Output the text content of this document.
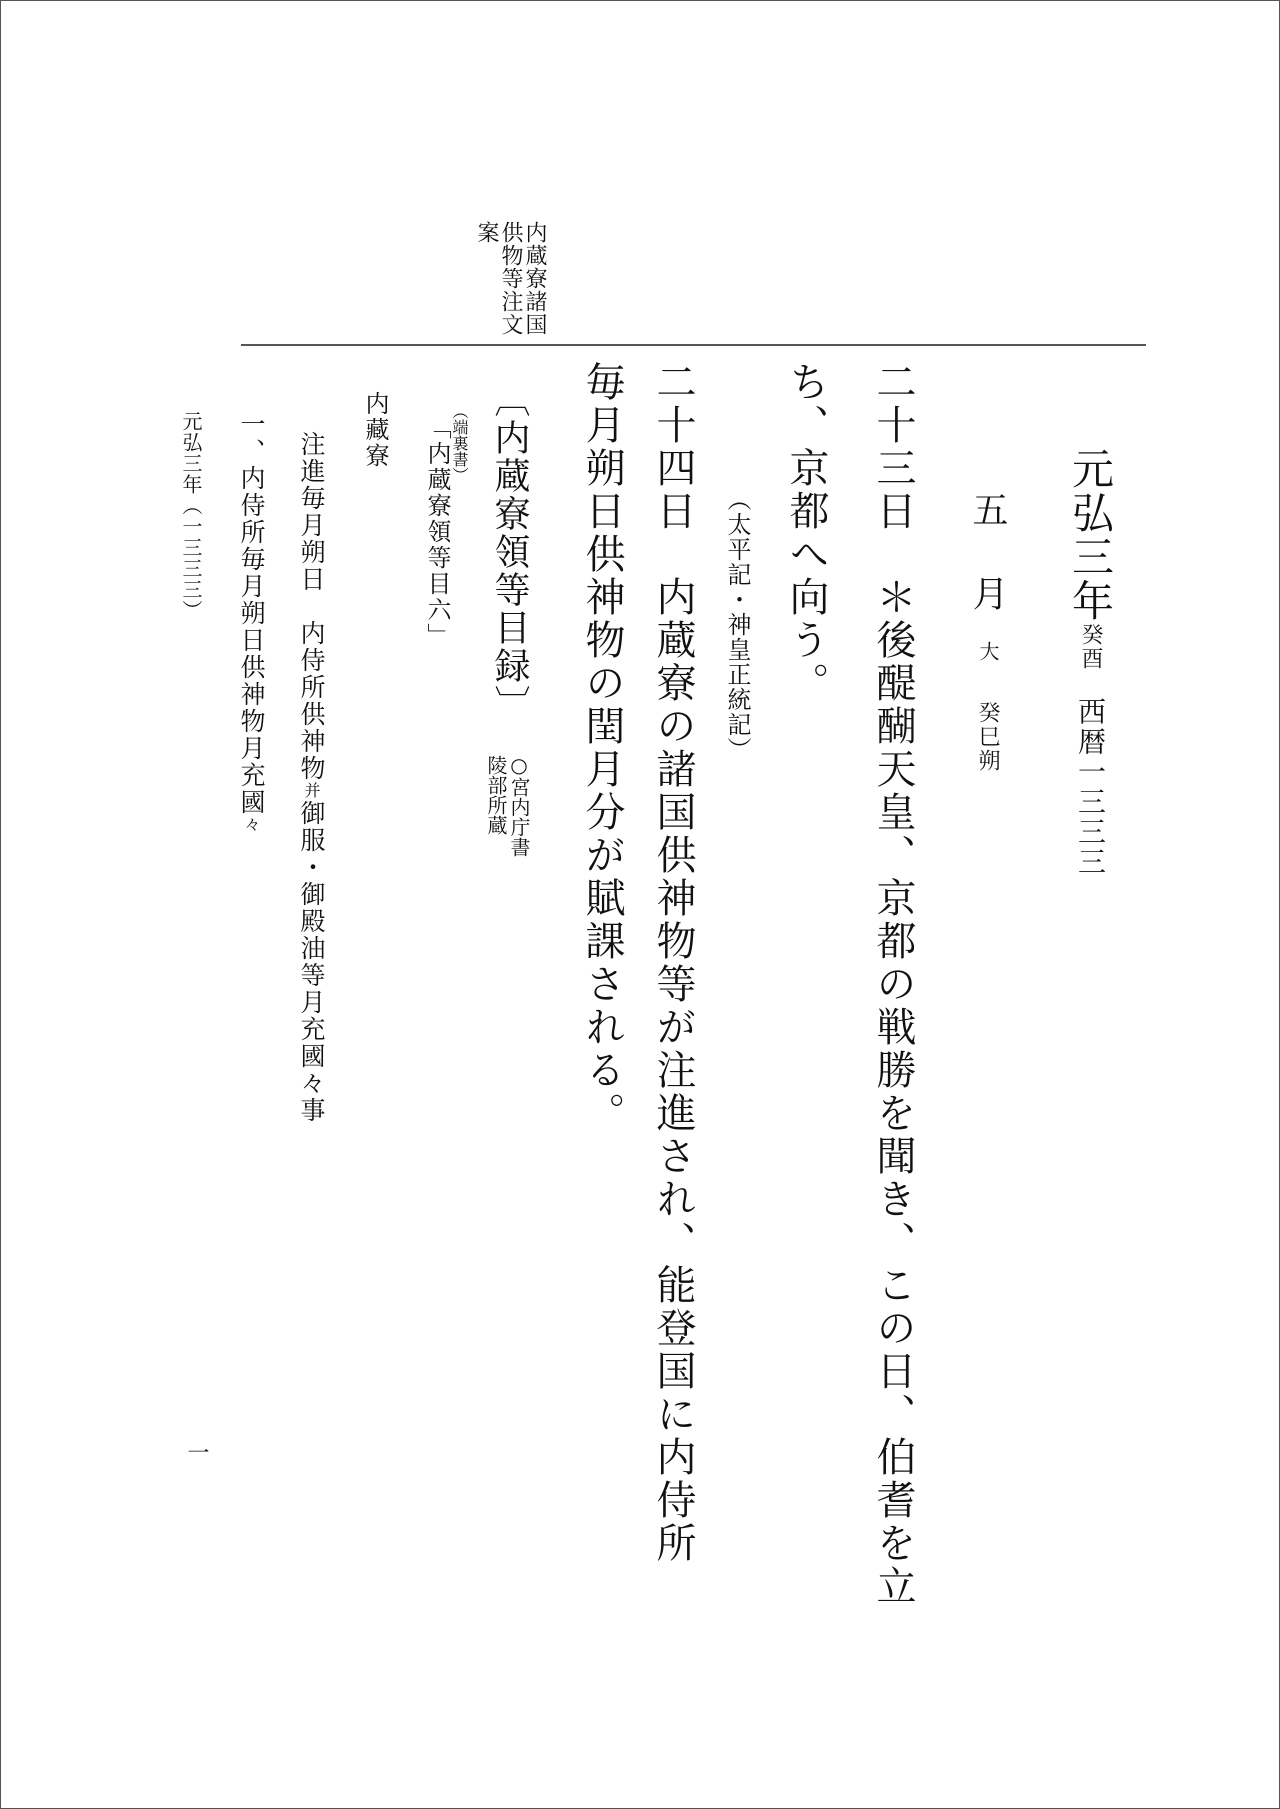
内蔵寮諸国
供物等注文
案
元弘三年癸酉西暦一三三三
五　月
大
癸巳朔
二十三日　＊後醍醐天皇、京都の戦勝を聞き、この日、伯耆を立
ち、京都へ向う。
（太平記・神皇正統記）
二十四日　内蔵寮の諸国供神物等が注進され、能登国に内侍所
毎月朔日供神物の閏月分が賦課される。
〔内蔵寮領等目録〕
○宮内庁書
陵部所蔵
（端裏書）
「内蔵寮領等目六」
内藏寮
注進毎月朔日　内侍所供神物并御服・御殿油等月充國々事
一、内侍所毎月朔日供神物月充國々
元弘三年（一三三三）
一
